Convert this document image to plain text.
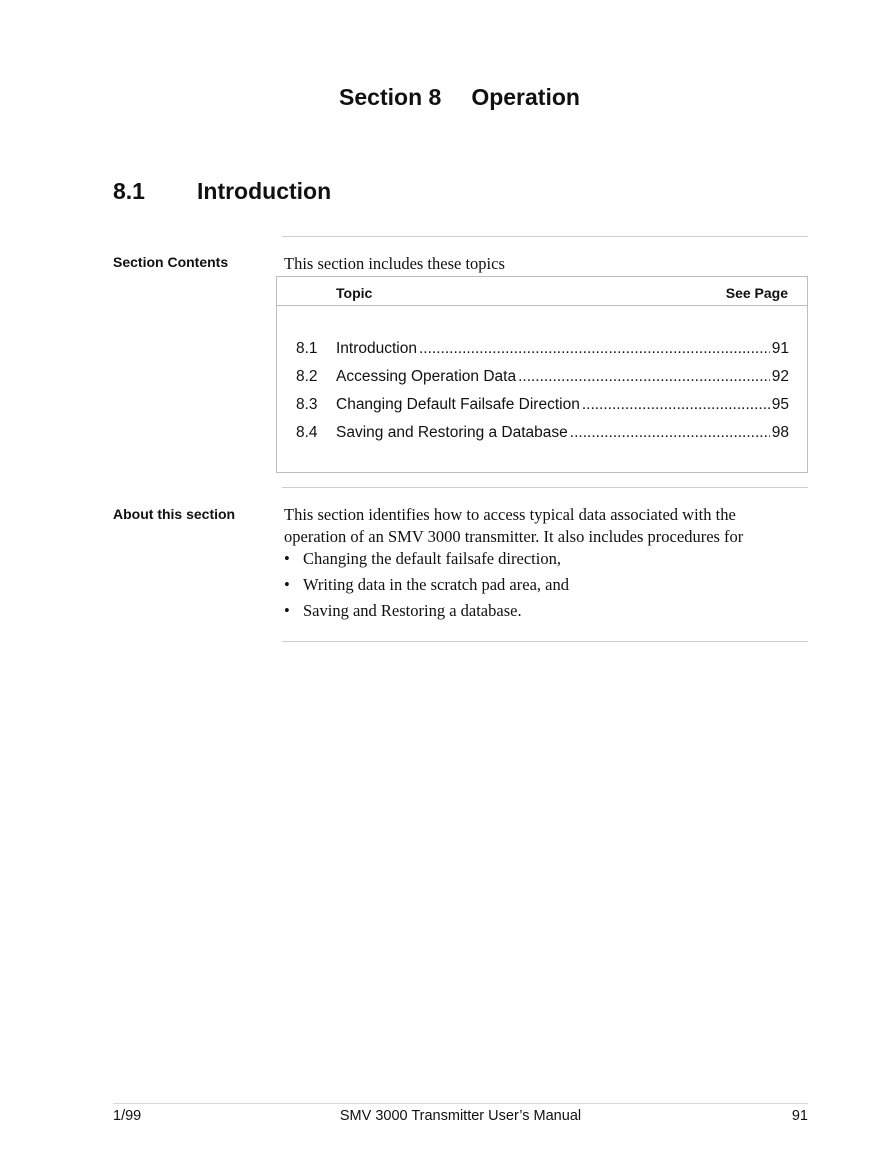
Section 8 Operation
8.1 Introduction
Section Contents	This section includes these topics
Topic	See Page
8.1	Introduction .....	91
8.2	Accessing Operation Data .....	92
8.3	Changing Default Failsafe Direction .....	95
8.4	Saving and Restoring a Database .....	98
About this section	This section identifies how to access typical data associated with the
operation of an SMV 3000 transmitter. It also includes procedures for
• Changing the default failsafe direction,
• Writing data in the scratch pad area, and
• Saving and Restoring a database.
1/99	SMV 3000 Transmitter User’s Manual	91
